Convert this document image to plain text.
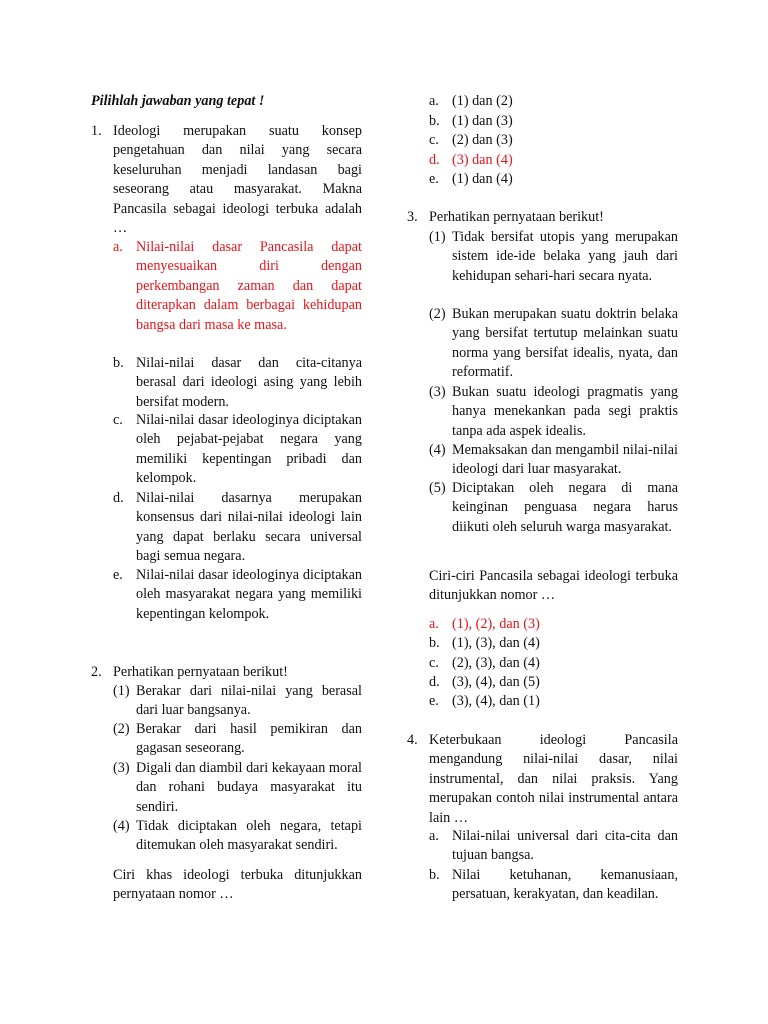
Pilihlah jawaban yang tepat !
1. Ideologi merupakan suatu konsep pengetahuan dan nilai yang secara keseluruhan menjadi landasan bagi seseorang atau masyarakat. Makna Pancasila sebagai ideologi terbuka adalah …
a. Nilai-nilai dasar Pancasila dapat menyesuaikan diri dengan perkembangan zaman dan dapat diterapkan dalam berbagai kehidupan bangsa dari masa ke masa.
b. Nilai-nilai dasar dan cita-citanya berasal dari ideologi asing yang lebih bersifat modern.
c. Nilai-nilai dasar ideologinya diciptakan oleh pejabat-pejabat negara yang memiliki kepentingan pribadi dan kelompok.
d. Nilai-nilai dasarnya merupakan konsensus dari nilai-nilai ideologi lain yang dapat berlaku secara universal bagi semua negara.
e. Nilai-nilai dasar ideologinya diciptakan oleh masyarakat negara yang memiliki kepentingan kelompok.
2. Perhatikan pernyataan berikut!
(1) Berakar dari nilai-nilai yang berasal dari luar bangsanya.
(2) Berakar dari hasil pemikiran dan gagasan seseorang.
(3) Digali dan diambil dari kekayaan moral dan rohani budaya masyarakat itu sendiri.
(4) Tidak diciptakan oleh negara, tetapi ditemukan oleh masyarakat sendiri.
Ciri khas ideologi terbuka ditunjukkan pernyataan nomor …
a. (1) dan (2)
b. (1) dan (3)
c. (2) dan (3)
d. (3) dan (4)
e. (1) dan (4)
3. Perhatikan pernyataan berikut!
(1) Tidak bersifat utopis yang merupakan sistem ide-ide belaka yang jauh dari kehidupan sehari-hari secara nyata.
(2) Bukan merupakan suatu doktrin belaka yang bersifat tertutup melainkan suatu norma yang bersifat idealis, nyata, dan reformatif.
(3) Bukan suatu ideologi pragmatis yang hanya menekankan pada segi praktis tanpa ada aspek idealis.
(4) Memaksakan dan mengambil nilai-nilai ideologi dari luar masyarakat.
(5) Diciptakan oleh negara di mana keinginan penguasa negara harus diikuti oleh seluruh warga masyarakat.
Ciri-ciri Pancasila sebagai ideologi terbuka ditunjukkan nomor …
a. (1), (2), dan (3)
b. (1), (3), dan (4)
c. (2), (3), dan (4)
d. (3), (4), dan (5)
e. (3), (4), dan (1)
4. Keterbukaan ideologi Pancasila mengandung nilai-nilai dasar, nilai instrumental, dan nilai praksis. Yang merupakan contoh nilai instrumental antara lain …
a. Nilai-nilai universal dari cita-cita dan tujuan bangsa.
b. Nilai ketuhanan, kemanusiaan, persatuan, kerakyatan, dan keadilan.
